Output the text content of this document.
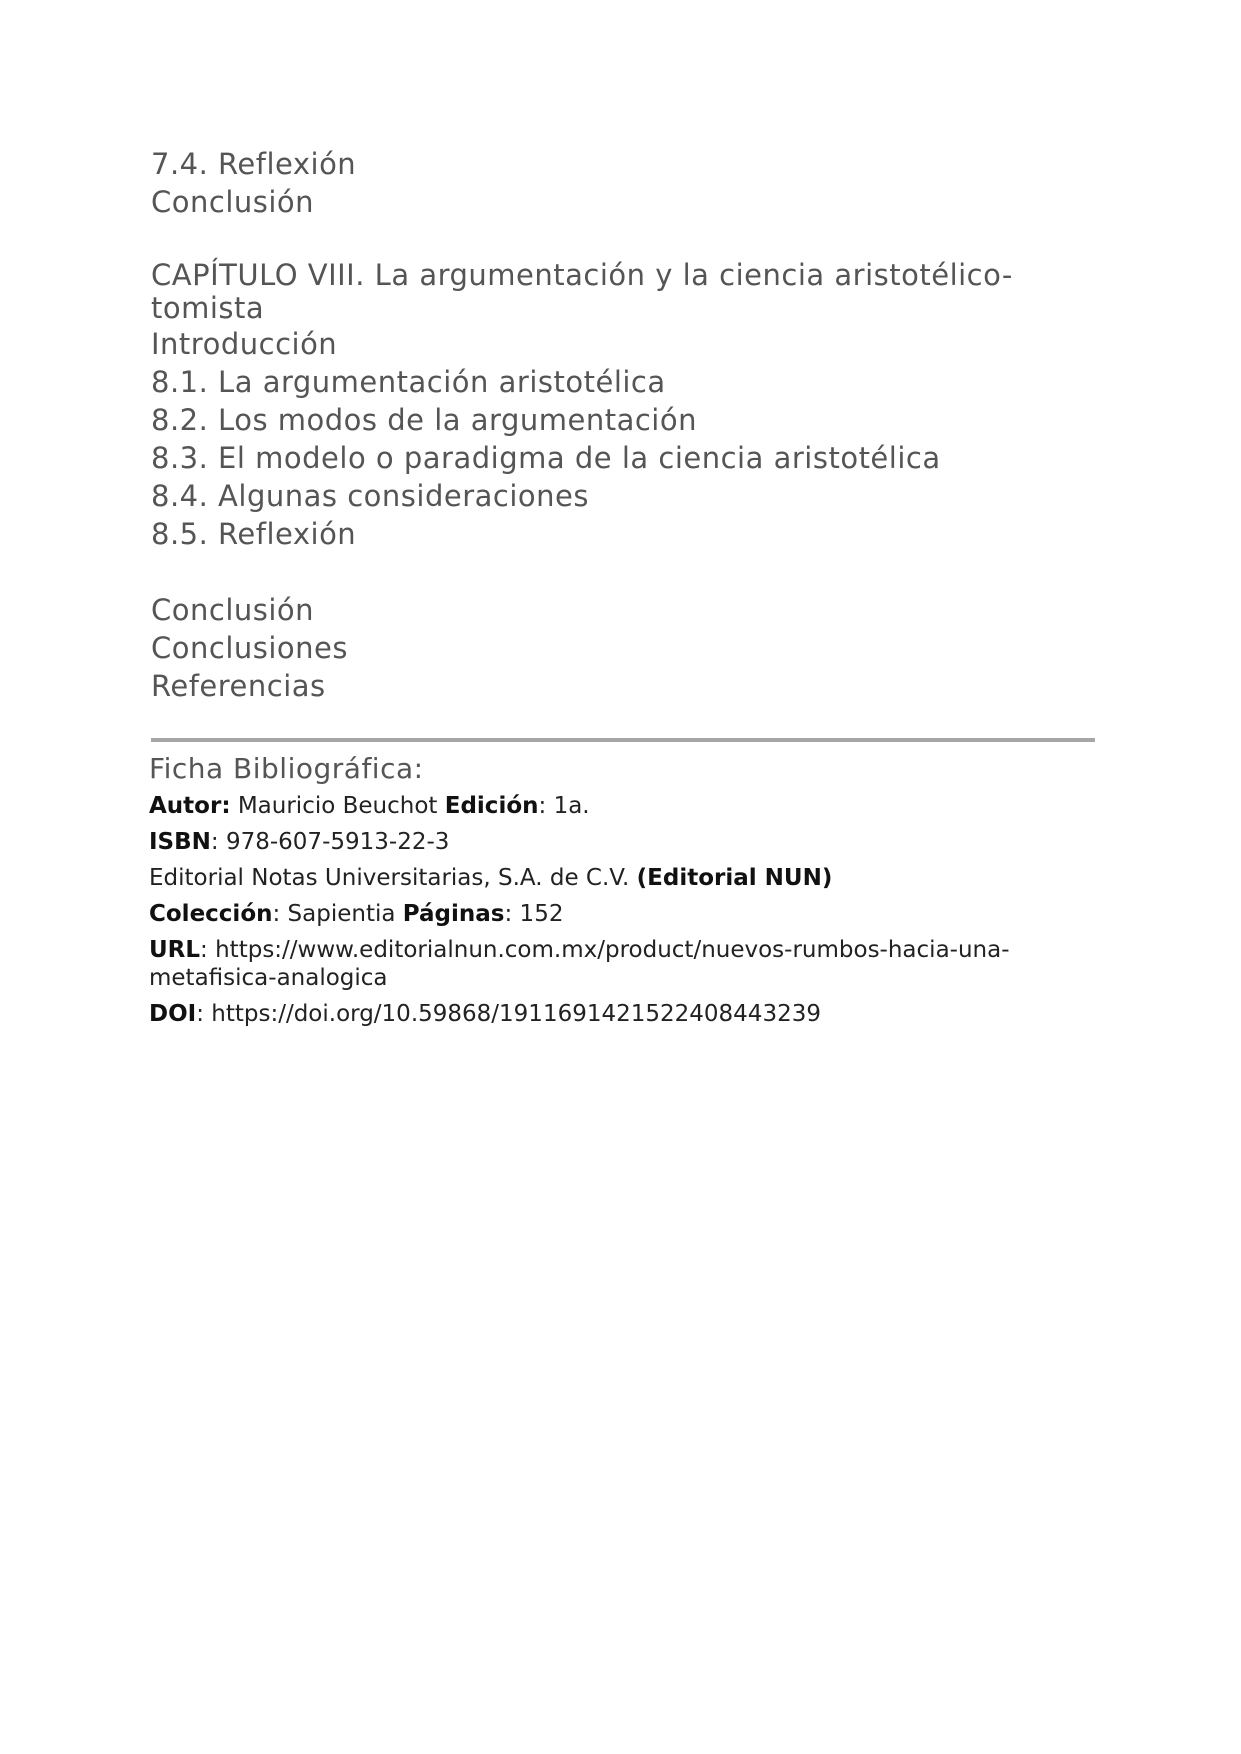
7.4. Reflexión
Conclusión
CAPÍTULO VIII. La argumentación y la ciencia aristotélico-tomista
Introducción
8.1. La argumentación aristotélica
8.2. Los modos de la argumentación
8.3. El modelo o paradigma de la ciencia aristotélica
8.4. Algunas consideraciones
8.5. Reflexión
Conclusión
Conclusiones
Referencias
Ficha Bibliográfica:
Autor: Mauricio Beuchot Edición: 1a.
ISBN: 978-607-5913-22-3
Editorial Notas Universitarias, S.A. de C.V. (Editorial NUN)
Colección: Sapientia Páginas: 152
URL: https://www.editorialnun.com.mx/product/nuevos-rumbos-hacia-una-metafisica-analogica
DOI: https://doi.org/10.59868/1911691421522408443239
